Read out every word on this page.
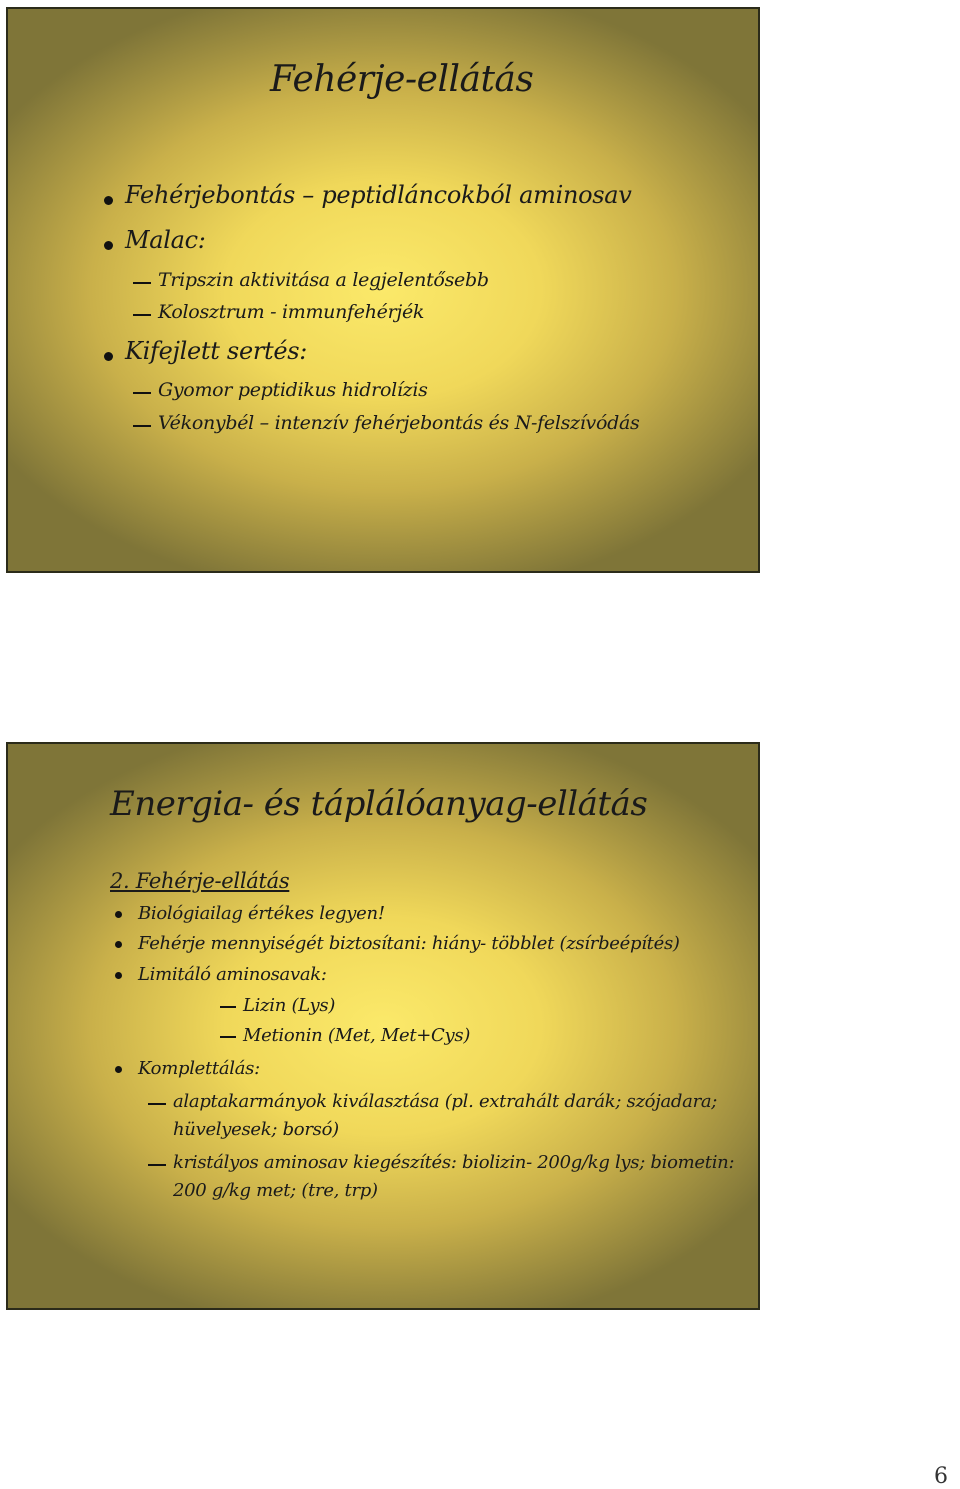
Fehérje-ellátás
Fehérjebontás – peptidláncokból aminosav
Malac:
Tripszin aktivitása a legjelentősebb
Kolosztrum - immunfehérjék
Kifejlett sertés:
Gyomor peptidikus hidrolízis
Vékonybél – intenzív fehérjebontás és N-felszívódás
Energia- és táplálóanyag-ellátás
2. Fehérje-ellátás
Biológiailag értékes legyen!
Fehérje mennyiségét biztosítani: hiány- többlet (zsírbeépítés)
Limitáló aminosavak:
Lizin (Lys)
Metionin (Met, Met+Cys)
Komplettálás:
alaptakarmányok kiválasztása (pl. extrahált darák; szójadara; hüvelyesek; borsó)
kristályos aminosav kiegészítés: biolizin- 200g/kg lys; biometin: 200 g/kg met; (tre, trp)
6
